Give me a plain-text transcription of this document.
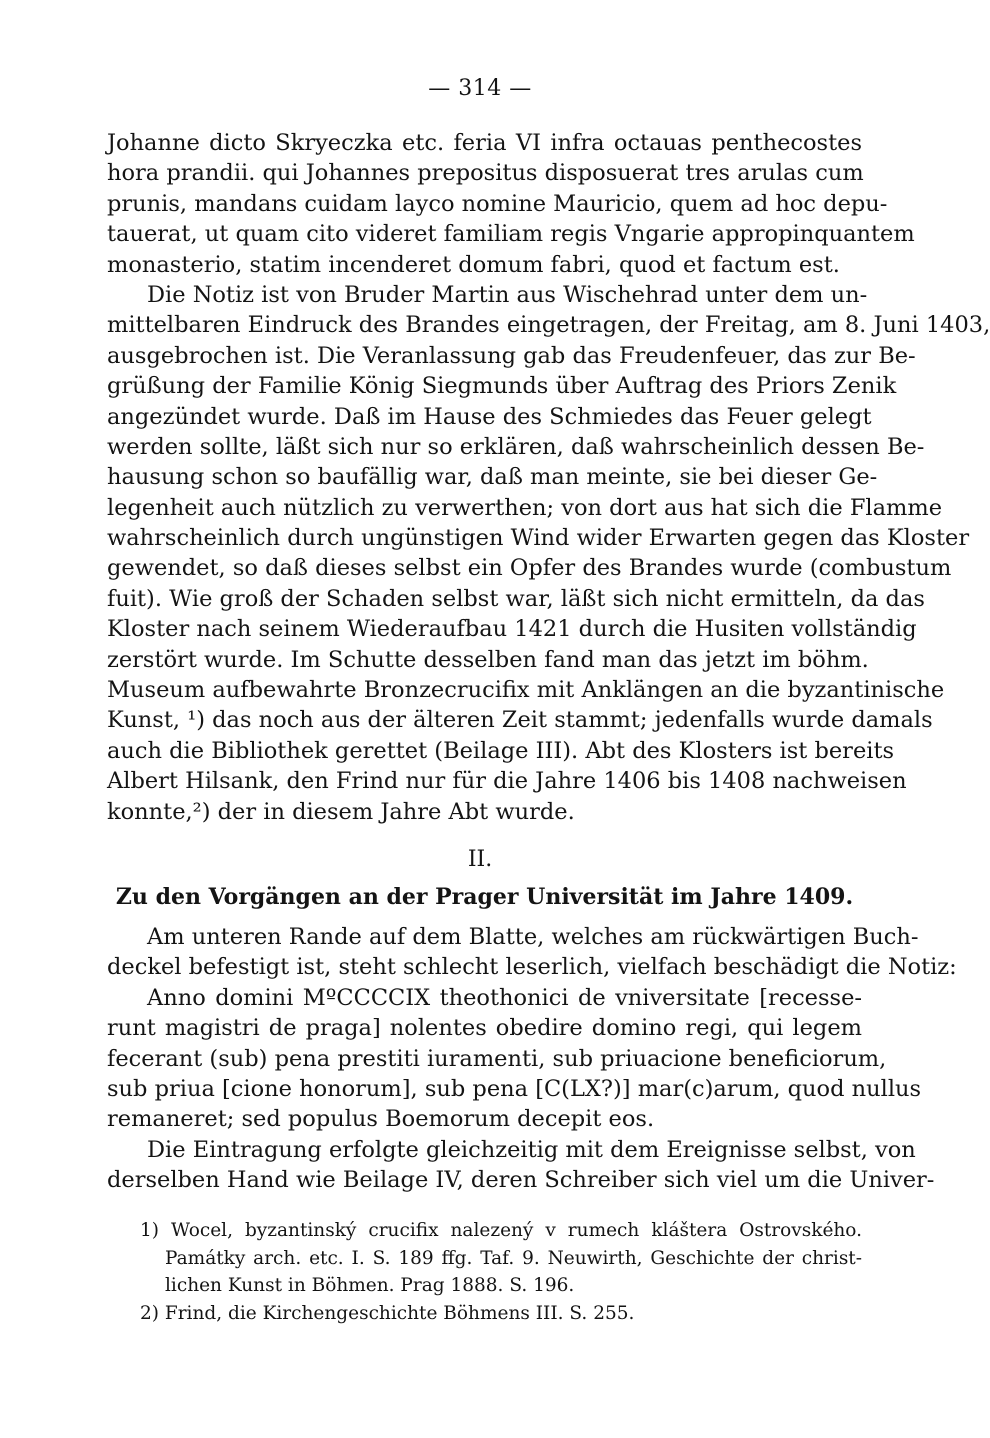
— 314 —
Johanne dicto Skryeczka etc. feria VI infra octauas penthecostes
hora prandii. qui Johannes prepositus disposuerat tres arulas cum
prunis, mandans cuidam layco nomine Mauricio, quem ad hoc depu-
tauerat, ut quam cito videret familiam regis Vngarie appropinquantem
monasterio, statim incenderet domum fabri, quod et factum est.
Die Notiz ist von Bruder Martin aus Wischehrad unter dem un-
mittelbaren Eindruck des Brandes eingetragen, der Freitag, am 8. Juni 1403,
ausgebrochen ist. Die Veranlassung gab das Freudenfeuer, das zur Be-
grüßung der Familie König Siegmunds über Auftrag des Priors Zenik
angezündet wurde. Daß im Hause des Schmiedes das Feuer gelegt
werden sollte, läßt sich nur so erklären, daß wahrscheinlich dessen Be-
hausung schon so baufällig war, daß man meinte, sie bei dieser Ge-
legenheit auch nützlich zu verwerthen; von dort aus hat sich die Flamme
wahrscheinlich durch ungünstigen Wind wider Erwarten gegen das Kloster
gewendet, so daß dieses selbst ein Opfer des Brandes wurde (combustum
fuit). Wie groß der Schaden selbst war, läßt sich nicht ermitteln, da das
Kloster nach seinem Wiederaufbau 1421 durch die Husiten vollständig
zerstört wurde. Im Schutte desselben fand man das jetzt im böhm.
Museum aufbewahrte Bronzecrucifix mit Anklängen an die byzantinische
Kunst, ¹) das noch aus der älteren Zeit stammt; jedenfalls wurde damals
auch die Bibliothek gerettet (Beilage III). Abt des Klosters ist bereits
Albert Hilsank, den Frind nur für die Jahre 1406 bis 1408 nachweisen
konnte,²) der in diesem Jahre Abt wurde.
II.
Zu den Vorgängen an der Prager Universität im Jahre 1409.
Am unteren Rande auf dem Blatte, welches am rückwärtigen Buch-
deckel befestigt ist, steht schlecht leserlich, vielfach beschädigt die Notiz:
Anno domini MºCCCCIX theothonici de vniversitate [recesse-
runt magistri de praga] nolentes obedire domino regi, qui legem
fecerant (sub) pena prestiti iuramenti, sub priuacione beneficiorum,
sub priua [cione honorum], sub pena [C(LX?)] mar(c)arum, quod nullus
remaneret; sed populus Boemorum decepit eos.
Die Eintragung erfolgte gleichzeitig mit dem Ereignisse selbst, von
derselben Hand wie Beilage IV, deren Schreiber sich viel um die Univer-
1) Wocel, byzantinský crucifix nalezený v rumech kláštera Ostrovského.
Památky arch. etc. I. S. 189 ffg. Taf. 9. Neuwirth, Geschichte der christ-
lichen Kunst in Böhmen. Prag 1888. S. 196.
2) Frind, die Kirchengeschichte Böhmens III. S. 255.
